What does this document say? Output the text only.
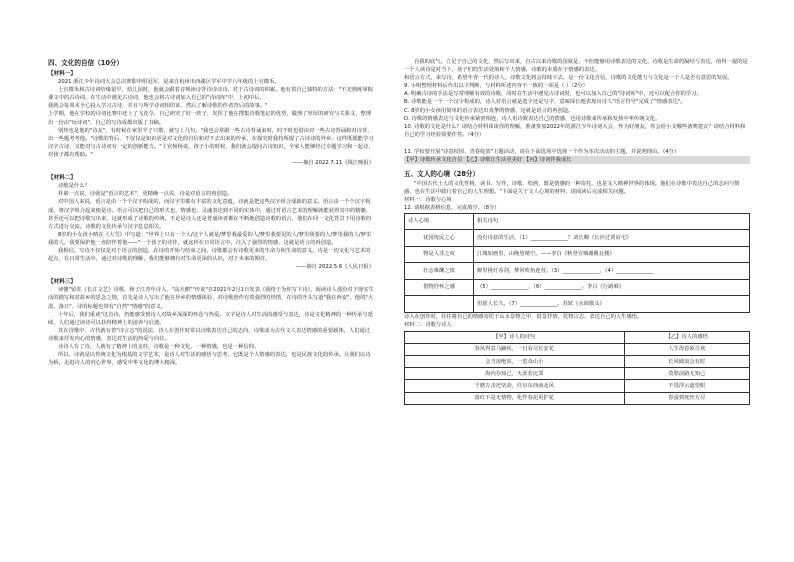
四、文化的自信（10分）

【材料一】

2021 浙江少年诗词大会总决赛即申组冠军，是来自杭州市西湖区学军中学八年级的上官微禾。

上官微禾和古诗词结缘很早，幼儿园时，他就会跟着音频读诗背诗诗诗诗。对于古诗词的积累，他有着自己独特的方法："不光熟练掌握课文中的古诗词，在生活中遇见古诗词，他也会将古诗词加入自己的"诗词库"中，上初中后，

我就会每周末全心投入学习古诗，并且与所学诗词相印证，然后了解诗歌的作者背后的故事。"

上学期，他在学校的诗词比赛中还上了飞花令，自己研究了好一阵子，发挥了他在搜集诗歌笔记的优势，做理了厚厚的研究与关系文，整理出一份由"玩诗词"，自己的写诗成都出版了书稿。

别热也是他的"诗友"，有时候在家里半了只歌，就写上几句。"我也会常跟一些古诗背诵来时，时不时也借由对一些古诗背诵和对诗背，出一些题考考他。"诗歌的背后，不仅仅是知识更是对文化的自信和对不去出来的传承，在探究时我持所提了古诗诗的外乡，这样既既能学习汉字古诗，又能对与古诗词有一定的创新能力。"上官杨杨说，孩子小的时候，我们就会提问古诗知识，全家人能够经过专题学习和一起诗、对孩子都有帮助。"

——摘自 2022.7.11《钱江晚报》

【材料二】

诗歌是什么？

朴素一点说，诗就是"语言的艺术"，更精确一点说，诗是对语言的再创造。

对中国人来说，语言是由一个个汉字构成的，而汉字里都有丰富的文化意蕴，诗就是把这些汉字组合成新的意义。语言由一个个汉字构成，将汉字组合起来便是诗。语言可以把自己的形式也、情感也、灵魂表达到不同的实体中，通过对语言艺术的理解就能获得其中的精髓，甚至还可以把诗歌写出来，这就形成了诗歌的传统。不论是诗人还是普通读者都在不断地创造诗歌的语言，他们在同一文化背景下用诗歌的方式进行交流。诗歌的文化传承与汉字息息相关。

8岁的小女孩小晴在《大雪》中写道："世界上只有一个人/这个人就是/梦里我最爱的人/梦里我要见的人/梦里我要的人/梦里我的人/梦里我的人，我要保护他一直陪伴着他——"一个孩子的诗作，就这样在日常语言中，注入了强烈的情感，这就是语言的再创造。

我相信，写诗不仅仅是对于语言的创造，在诗的开始与结束之间，诗歌都会有诗歌更多的生命力和生命的意义。诗是一切文化与艺术的起点，在日常生活中，通过对诗歌的理解，我们能够拥有对生命更深的认识，对于未来的期许。

——摘自 2022.5.6《人民日报》

【材料三】

读懂"留驻《长江文艺》诗歌，杨子江青年诗人，"高天鹅""传说"在2021年2月1日发表《我终于为你写下诗》，阅读诗人那份对于现实生活的描写和对故乡的思念之情，首先是诗人写出了他在异乡的情感体验，对诗歌创作有着强烈的热情，在诗的开头写道"我在西安"，他的"大漠、落日"，诗的标题也带有"自然""情感"的意义。

十年后，我们重读"这首诗，仍能感受到诗人对故乡深深的怀念与热爱。文字是诗人对生活的感受与表达，诗是文化精神的一种传承与延续，人们通过读诗可以获得精神上的滋养与启迪。

其在诗歌中，古代就有着"诗言志"的说法，诗人在创作时常以诗歌表达自己的志向，诗歌成为古代文人表达情感的重要载体，人们通过诗歌来抒发内心的情感，表达对生活的热爱与向往。

诗诗人有了诗，人就有了精神上的支柱，诗歌是一种文化，一种情感，也是一种信仰。

所以，诗就是以传统文化为根基的文学艺术，是诗人对生活的感悟与思考，它既是个人情感的表达，也是民族文化的传承。让我们以诗为桥，走进诗人的内心世界，感受中华文化的博大精深。

自我的底气，立足于自己的文化，然后写出来，自古以来诗歌的国度是，不但能够用诗歌表达的文化，诗歌是生命的凝结与表达，值得一提的是一个人读诗是对当下，孩子们的生活处境和个人情感，诗歌的本质在于情感的表达。

和语言方式，来写诗，希望年青一代的诗人，诗歌文化将会持续下去，是一份文化自信，诗歌的文化能力与文化是一个人是否有意思的发展。

9. 小明整理材料后作出以下判断，与材料所述内容不一致的一项是（ ）（2分）

A. 明确古诗的手法是写常理解有效的诗歌，同时在生活中遇见古诗词时，也可以加入自己的"诗词库"中，还可以配合你的学习。

B. 诗歌能是一个一个汉字构成的，诗人对语言就是选字还是写字，意味深长地表现出诗人"语言符号"完成了"情感表达"。

C. 8岁的小女孩用简单的语言表达出真挚的情感，这就是语言的再创造。

D. 诗歌的情感表达与文化传承紧密相连，诗人用诗歌表达自己的情感，也用诗歌来传承和发扬中华传统文化。

10. 诗歌的文化是什么？请结合材料谈谈你的理解，准备参加2022年的浙江少年诗词大会，作为好朋友，你会给小文哪些备赛建议？请结合材料和自己的学习经验简要作答。（4分）

11. 学校要开展"诗意校园，青春绽放"主题活动，请在下面选项中选择一个作为本次活动的主题，并说明理由。（4分）

【甲】诗歌传承文化自信 【乙】诗歌让生活更美好 【丙】诗词伴我成长

五、文人的心境（28分）

"中国古代士人的文化性格，读书、写作，诗歌、绘画，既是情感的一种寄托，也是文人精神世界的体现。他们在诗歌中表达自己的志向与情感，也在生活中践行着自己的人生理想。"下面是关于文人心境的材料，请阅读后完成相关问题。

材料一：诗歌与心境

12. 请根据表格信息，完成填空。（8分）

诗人心境	相关诗句
忧国忧民之心	没有诗意的生活，（1）______________？刘长卿《长沙过贾谊宅》
物是人非之叹	江城如画里，山晚望晴空。——李白《秋登宣城谢脁北楼》
壮志难酬之愤	醉里挑灯看剑，梦回吹角连营。（3）______________，（4）______________
借物抒怀之感	（5）______________，（6）______________。李白《行路难》
	但愿人长久，（7）______________。苏轼《水调歌头》

诗人在创作时，往往将自己的情感寄托于山水景物之中，借景抒情，托物言志，表达自己的人生感悟。

材料二：诗歌与诗人

【甲】诗人的诗句	【乙】诗人的感悟
春风得意马蹄疾，一日看尽长安花	人生得意须尽欢
会当凌绝顶，一览众山小	长风破浪会有时
海内存知己，天涯若比邻	莫愁前路无知己
千磨万击还坚劲，任尔东西南北风	不畏浮云遮望眼
落红不是无情物，化作春泥更护花	春蚕到死丝方尽
